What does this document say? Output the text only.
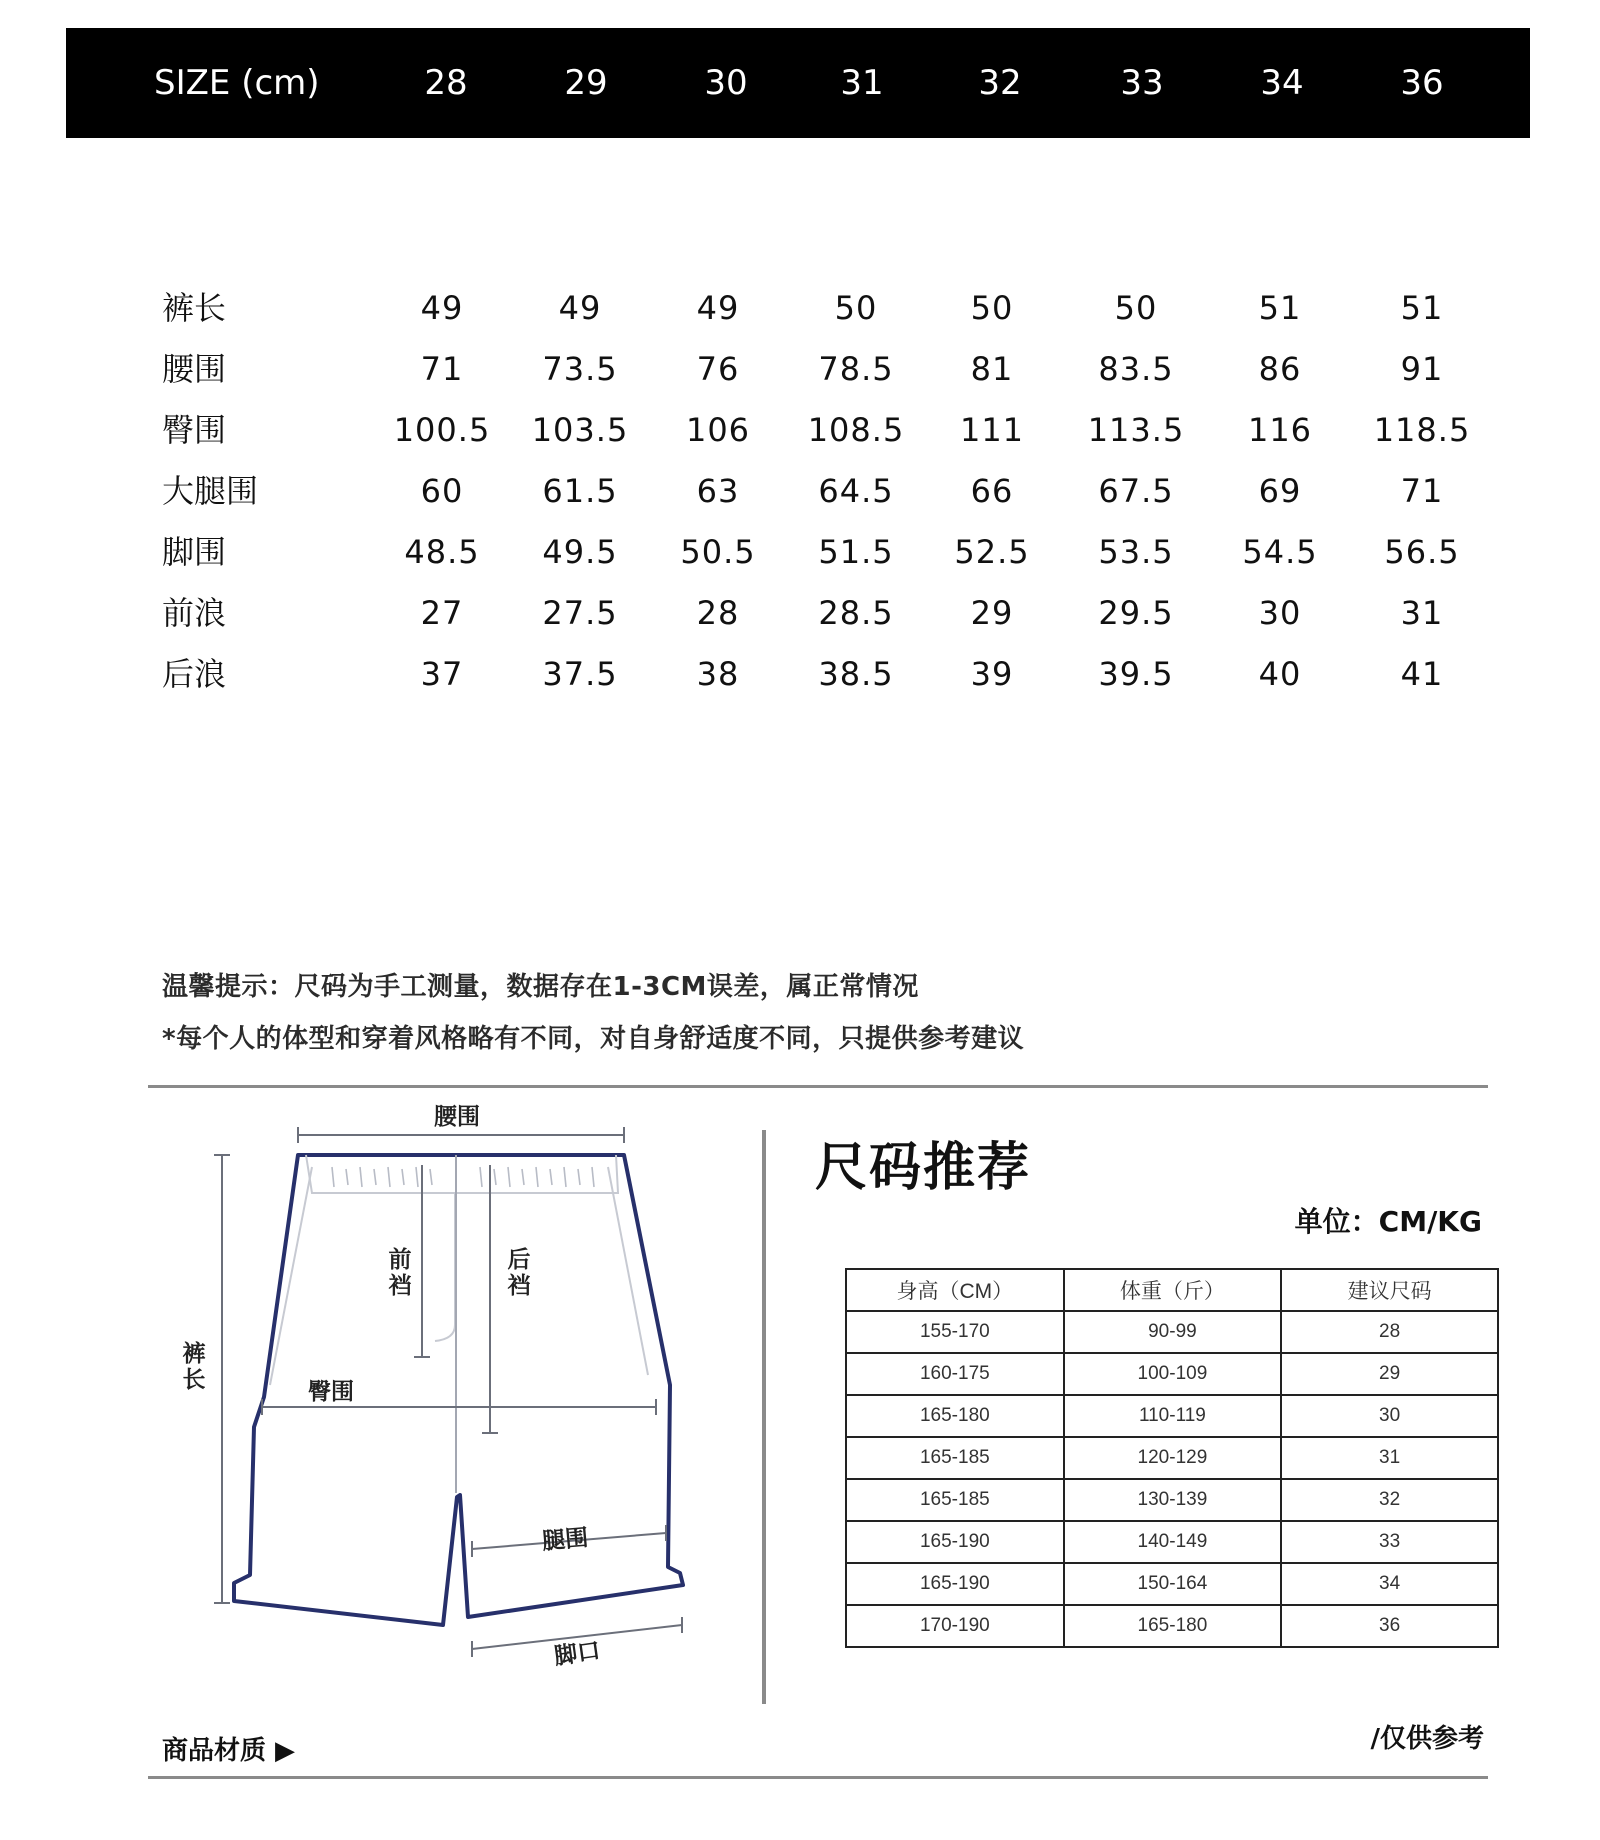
SIZE (cm)	28	29	30	31	32	33	34	36
裤长	49	49	49	50	50	50	51	51
腰围	71	73.5	76	78.5	81	83.5	86	91
臀围	100.5	103.5	106	108.5	111	113.5	116	118.5
大腿围	60	61.5	63	64.5	66	67.5	69	71
脚围	48.5	49.5	50.5	51.5	52.5	53.5	54.5	56.5
前浪	27	27.5	28	28.5	29	29.5	30	31
后浪	37	37.5	38	38.5	39	39.5	40	41
温馨提示：尺码为手工测量，数据存在1-3CM误差，属正常情况
*每个人的体型和穿着风格略有不同，对自身舒适度不同，只提供参考建议
腰围
前裆
后裆
裤长	臀围
腿围
脚口
尺码推荐
单位：CM/KG
身高（CM）	体重（斤）	建议尺码
155-170	90-99	28
160-175	100-109	29
165-180	110-119	30
165-185	120-129	31
165-185	130-139	32
165-190	140-149	33
165-190	150-164	34
170-190	165-180	36
商品材质 ▶	/仅供参考
